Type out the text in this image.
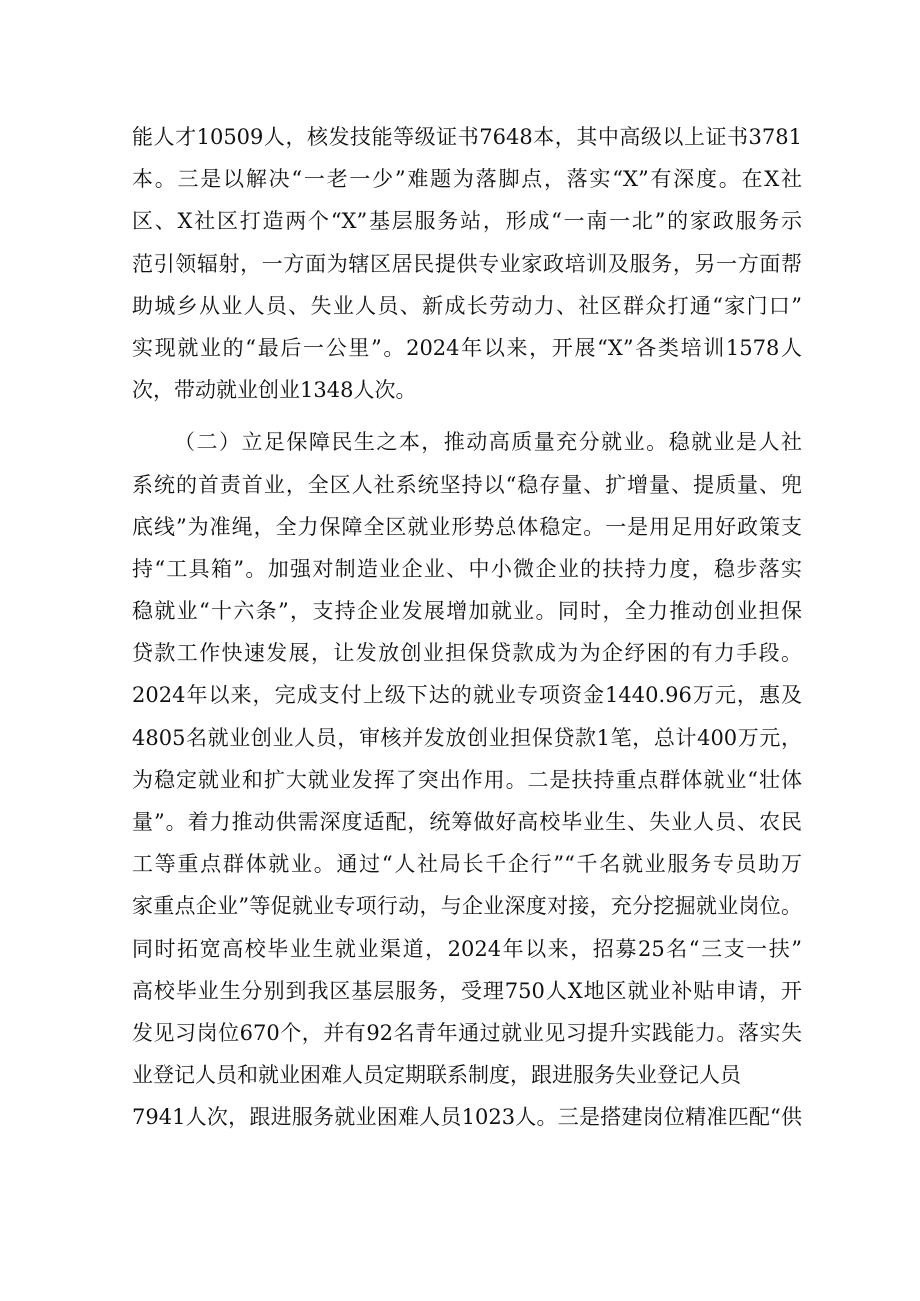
能人才10509人，核发技能等级证书7648本，其中高级以上证书3781
本。三是以解决“一老一少”难题为落脚点，落实“X”有深度。在X社
区、X社区打造两个“X”基层服务站，形成“一南一北”的家政服务示
范引领辐射，一方面为辖区居民提供专业家政培训及服务，另一方面帮
助城乡从业人员、失业人员、新成长劳动力、社区群众打通“家门口”
实现就业的“最后一公里”。2024年以来，开展“X”各类培训1578人
次，带动就业创业1348人次。
（二）立足保障民生之本，推动高质量充分就业。稳就业是人社
系统的首责首业，全区人社系统坚持以“稳存量、扩增量、提质量、兜
底线”为准绳，全力保障全区就业形势总体稳定。一是用足用好政策支
持“工具箱”。加强对制造业企业、中小微企业的扶持力度，稳步落实
稳就业“十六条”，支持企业发展增加就业。同时，全力推动创业担保
贷款工作快速发展，让发放创业担保贷款成为为企纾困的有力手段。
2024年以来，完成支付上级下达的就业专项资金1440.96万元，惠及
4805名就业创业人员，审核并发放创业担保贷款1笔，总计400万元，
为稳定就业和扩大就业发挥了突出作用。二是扶持重点群体就业“壮体
量”。着力推动供需深度适配，统筹做好高校毕业生、失业人员、农民
工等重点群体就业。通过“人社局长千企行”“千名就业服务专员助万
家重点企业”等促就业专项行动，与企业深度对接，充分挖掘就业岗位。
同时拓宽高校毕业生就业渠道，2024年以来，招募25名“三支一扶”
高校毕业生分别到我区基层服务，受理750人X地区就业补贴申请，开
发见习岗位670个，并有92名青年通过就业见习提升实践能力。落实失
业登记人员和就业困难人员定期联系制度，跟进服务失业登记人员
7941人次，跟进服务就业困难人员1023人。三是搭建岗位精准匹配“供
